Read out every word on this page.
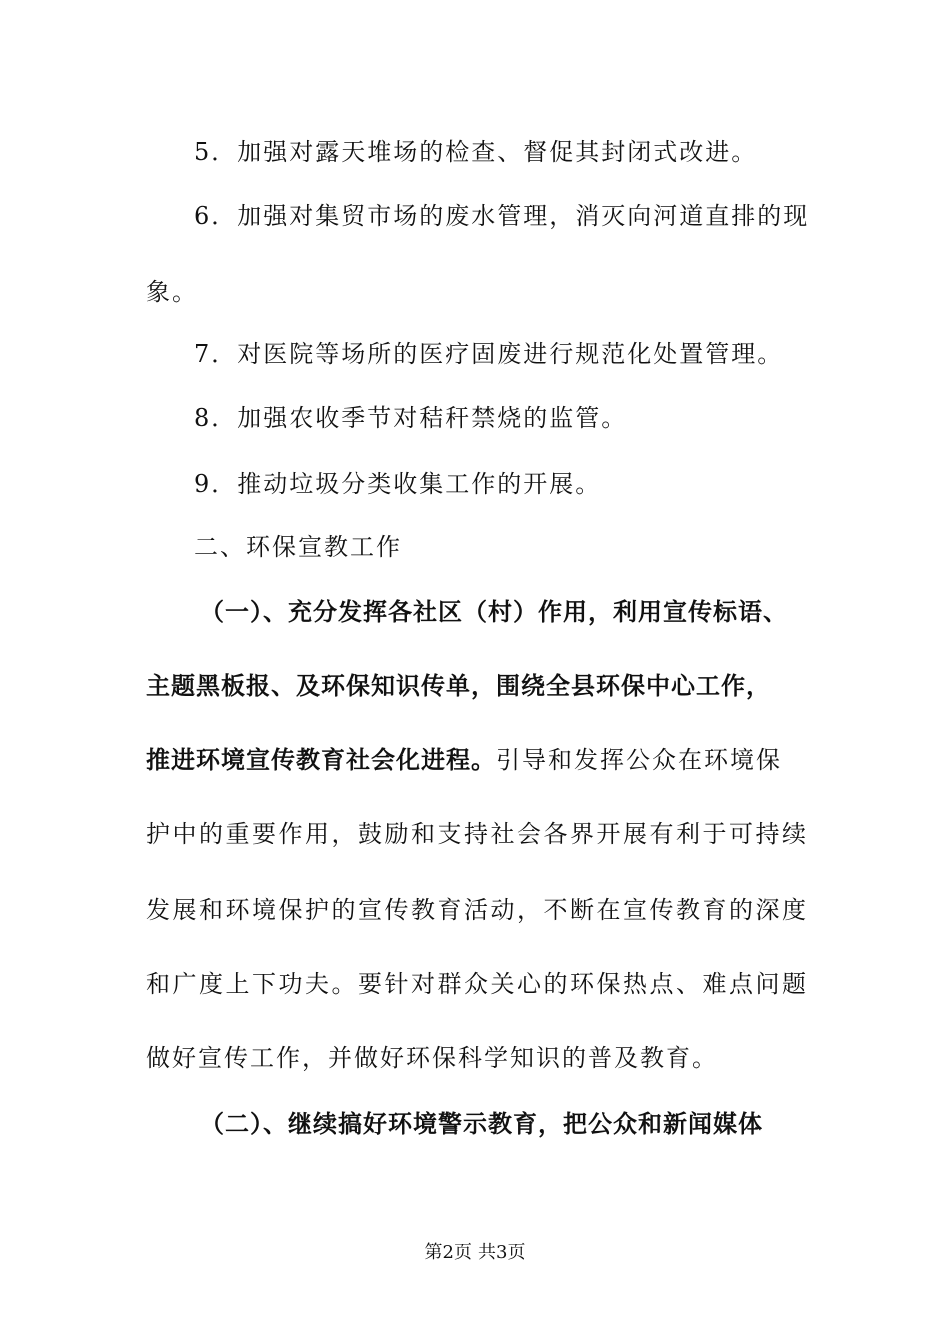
5．加强对露天堆场的检查、督促其封闭式改进。
6．加强对集贸市场的废水管理，消灭向河道直排的现
象。
7．对医院等场所的医疗固废进行规范化处置管理。
8．加强农收季节对秸秆禁烧的监管。
9．推动垃圾分类收集工作的开展。
二、环保宣教工作
（一）、充分发挥各社区（村）作用，利用宣传标语、
主题黑板报、及环保知识传单，围绕全县环保中心工作，
推进环境宣传教育社会化进程。引导和发挥公众在环境保
护中的重要作用，鼓励和支持社会各界开展有利于可持续
发展和环境保护的宣传教育活动，不断在宣传教育的深度
和广度上下功夫。要针对群众关心的环保热点、难点问题
做好宣传工作，并做好环保科学知识的普及教育。
（二）、继续搞好环境警示教育，把公众和新闻媒体
第2页 共3页
